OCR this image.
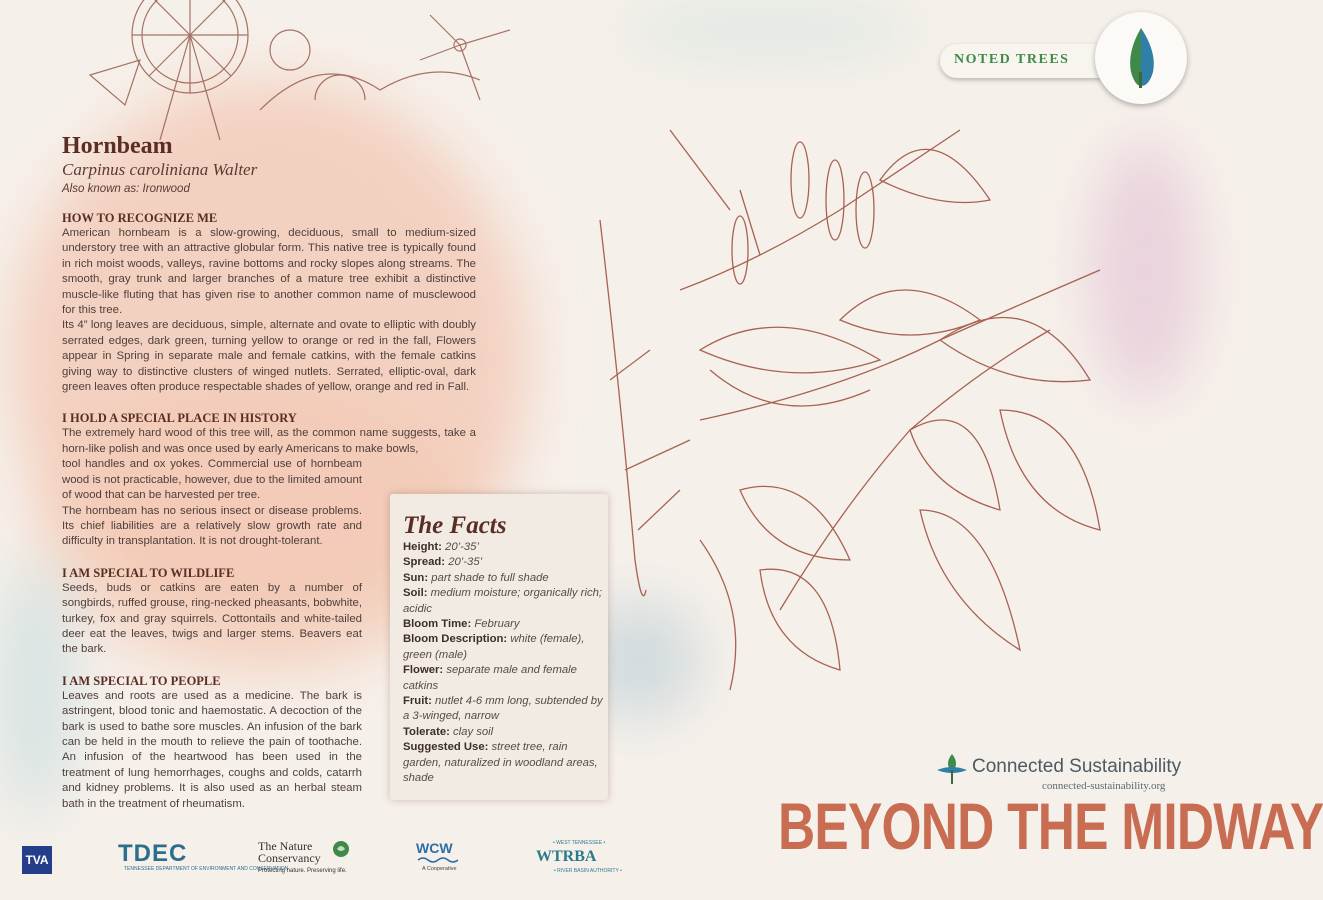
Hornbeam
Carpinus caroliniana Walter
Also known as: Ironwood
HOW TO RECOGNIZE ME

American hornbeam is a slow-growing, deciduous, small to medium-sized understory tree with an attractive globular form. This native tree is typically found in rich moist woods, valleys, ravine bottoms and rocky slopes along streams. The smooth, gray trunk and larger branches of a mature tree exhibit a distinctive muscle-like fluting that has given rise to another common name of musclewood for this tree.

Its 4” long leaves are deciduous, simple, alternate and ovate to elliptic with doubly serrated edges, dark green, turning yellow to orange or red in the fall, Flowers appear in Spring in separate male and female catkins, with the female catkins giving way to distinctive clusters of winged nutlets. Serrated, elliptic-oval, dark green leaves often produce respectable shades of yellow, orange and red in Fall.

I HOLD A SPECIAL PLACE IN HISTORY

The extremely hard wood of this tree will, as the common name suggests, take a horn-like polish and was once used by early Americans to make bowls,

tool handles and ox yokes. Commercial use of hornbeam wood is not practicable, however, due to the limited amount of wood that can be harvested per tree.

The hornbeam has no serious insect or disease problems. Its chief liabilities are a relatively slow growth rate and difficulty in transplantation. It is not drought-tolerant.

I AM SPECIAL TO WILDLIFE

Seeds, buds or catkins are eaten by a number of songbirds, ruffed grouse, ring-necked pheasants, bobwhite, turkey, fox and gray squirrels. Cottontails and white-tailed deer eat the leaves, twigs and larger stems. Beavers eat the bark.

I AM SPECIAL TO PEOPLE

Leaves and roots are used as a medicine. The bark is astringent, blood tonic and haemostatic. A decoction of the bark is used to bathe sore muscles. An infusion of the bark can be held in the mouth to relieve the pain of toothache. An infusion of the heartwood has been used in the treatment of lung hemorrhages, coughs and colds, catarrh and kidney problems. It is also used as an herbal steam bath in the treatment of rheumatism.

The Facts
Height: 20’-35’
Spread: 20’-35’
Sun: part shade to full shade
Soil: medium moisture; organically rich; acidic
Bloom Time: February
Bloom Description: white (female), green (male)
Flower: separate male and female catkins
Fruit: nutlet 4-6 mm long, subtended by a 3-winged, narrow
Tolerate: clay soil
Suggested Use: street tree, rain garden, naturalized in woodland areas, shade
NOTED TREES
Connected Sustainability
connected-sustainability.org
BEYOND THE MIDWAY
TVA	TDEC
TENNESSEE DEPARTMENT OF ENVIRONMENT AND CONSERVATION
The Nature
Conservancy
Protecting nature. Preserving life.
WCW
A Cooperative
• WEST TENNESSEE •
WTRBA
• RIVER BASIN AUTHORITY •
